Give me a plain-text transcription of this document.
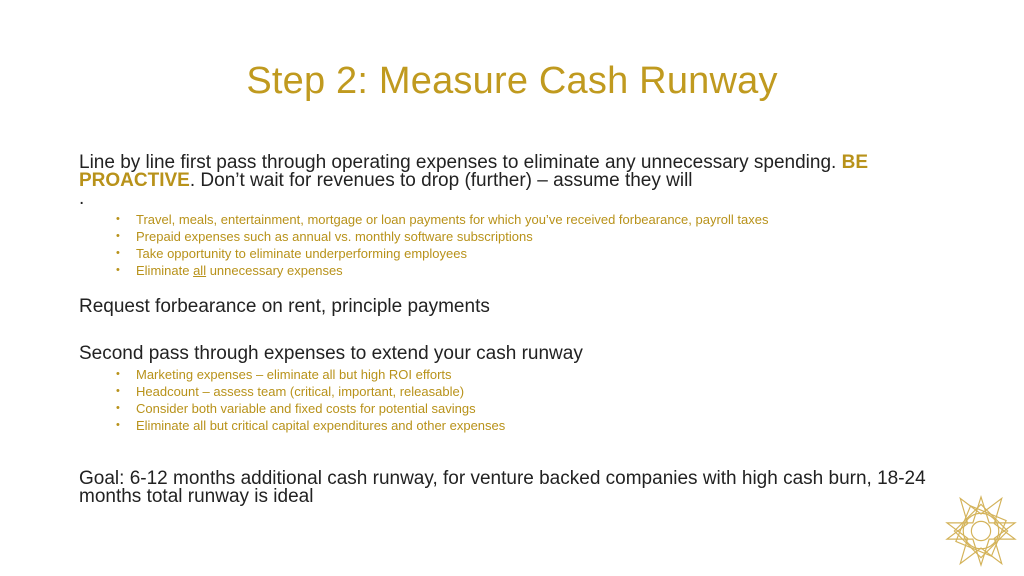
Step 2: Measure Cash Runway

Line by line first pass through operating expenses to eliminate any unnecessary spending. BE PROACTIVE. Don’t wait for revenues to drop (further) – assume they will
.

• Travel, meals, entertainment, mortgage or loan payments for which you’ve received forbearance, payroll taxes
• Prepaid expenses such as annual vs. monthly software subscriptions
• Take opportunity to eliminate underperforming employees
• Eliminate all unnecessary expenses

Request forbearance on rent, principle payments

Second pass through expenses to extend your cash runway

• Marketing expenses – eliminate all but high ROI efforts
• Headcount – assess team (critical, important, releasable)
• Consider both variable and fixed costs for potential savings
• Eliminate all but critical capital expenditures and other expenses

Goal: 6-12 months additional cash runway, for venture backed companies with high cash burn, 18-24 months total runway is ideal
